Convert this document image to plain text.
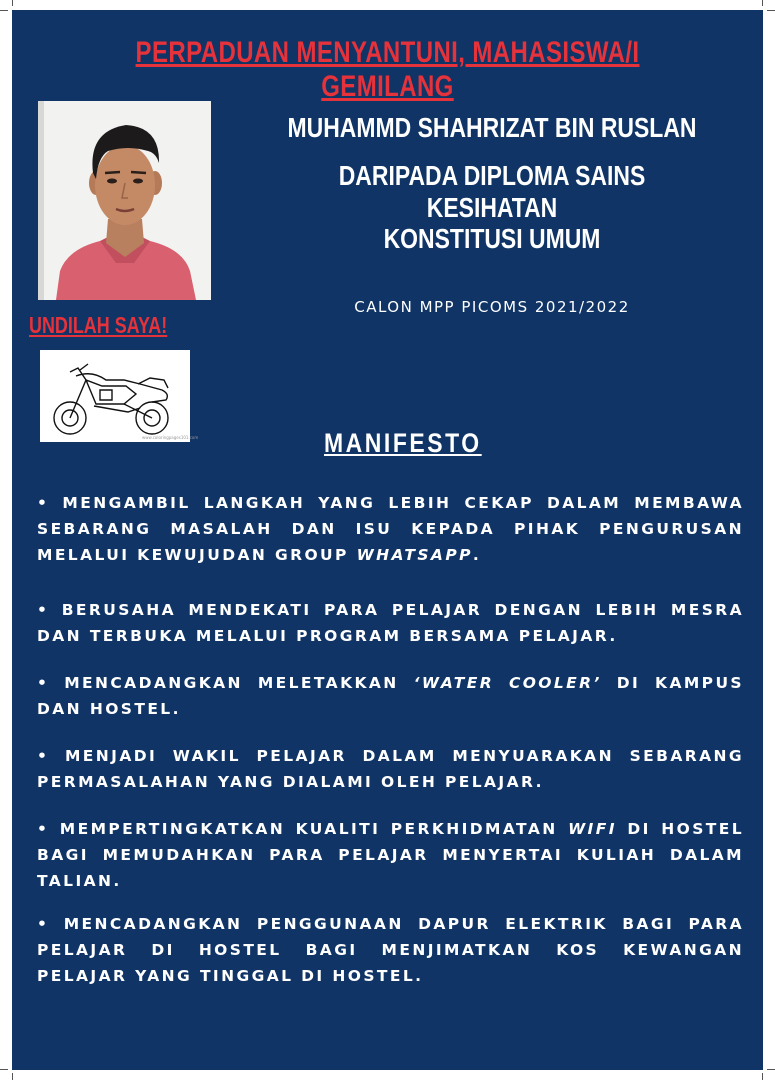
PERPADUAN MENYANTUNI, MAHASISWA/I GEMILANG
UNDILAH SAYA!
www.coloringpages101.com
MUHAMMD SHAHRIZAT BIN RUSLAN
DARIPADA DIPLOMA SAINS KESIHATAN
KONSTITUSI UMUM
CALON MPP PICOMS 2021/2022
MANIFESTO
• MENGAMBIL LANGKAH YANG LEBIH CEKAP DALAM MEMBAWA SEBARANG MASALAH DAN ISU KEPADA PIHAK PENGURUSAN MELALUI KEWUJUDAN GROUP WHATSAPP.
• BERUSAHA MENDEKATI PARA PELAJAR DENGAN LEBIH MESRA DAN TERBUKA MELALUI PROGRAM BERSAMA PELAJAR.
• MENCADANGKAN MELETAKKAN ‘WATER COOLER’ DI KAMPUS DAN HOSTEL.
• MENJADI WAKIL PELAJAR DALAM MENYUARAKAN SEBARANG PERMASALAHAN YANG DIALAMI OLEH PELAJAR.
• MEMPERTINGKATKAN KUALITI PERKHIDMATAN WIFI DI HOSTEL BAGI MEMUDAHKAN PARA PELAJAR MENYERTAI KULIAH DALAM TALIAN.
• MENCADANGKAN PENGGUNAAN DAPUR ELEKTRIK BAGI PARA PELAJAR DI HOSTEL BAGI MENJIMATKAN KOS KEWANGAN PELAJAR YANG TINGGAL DI HOSTEL.
